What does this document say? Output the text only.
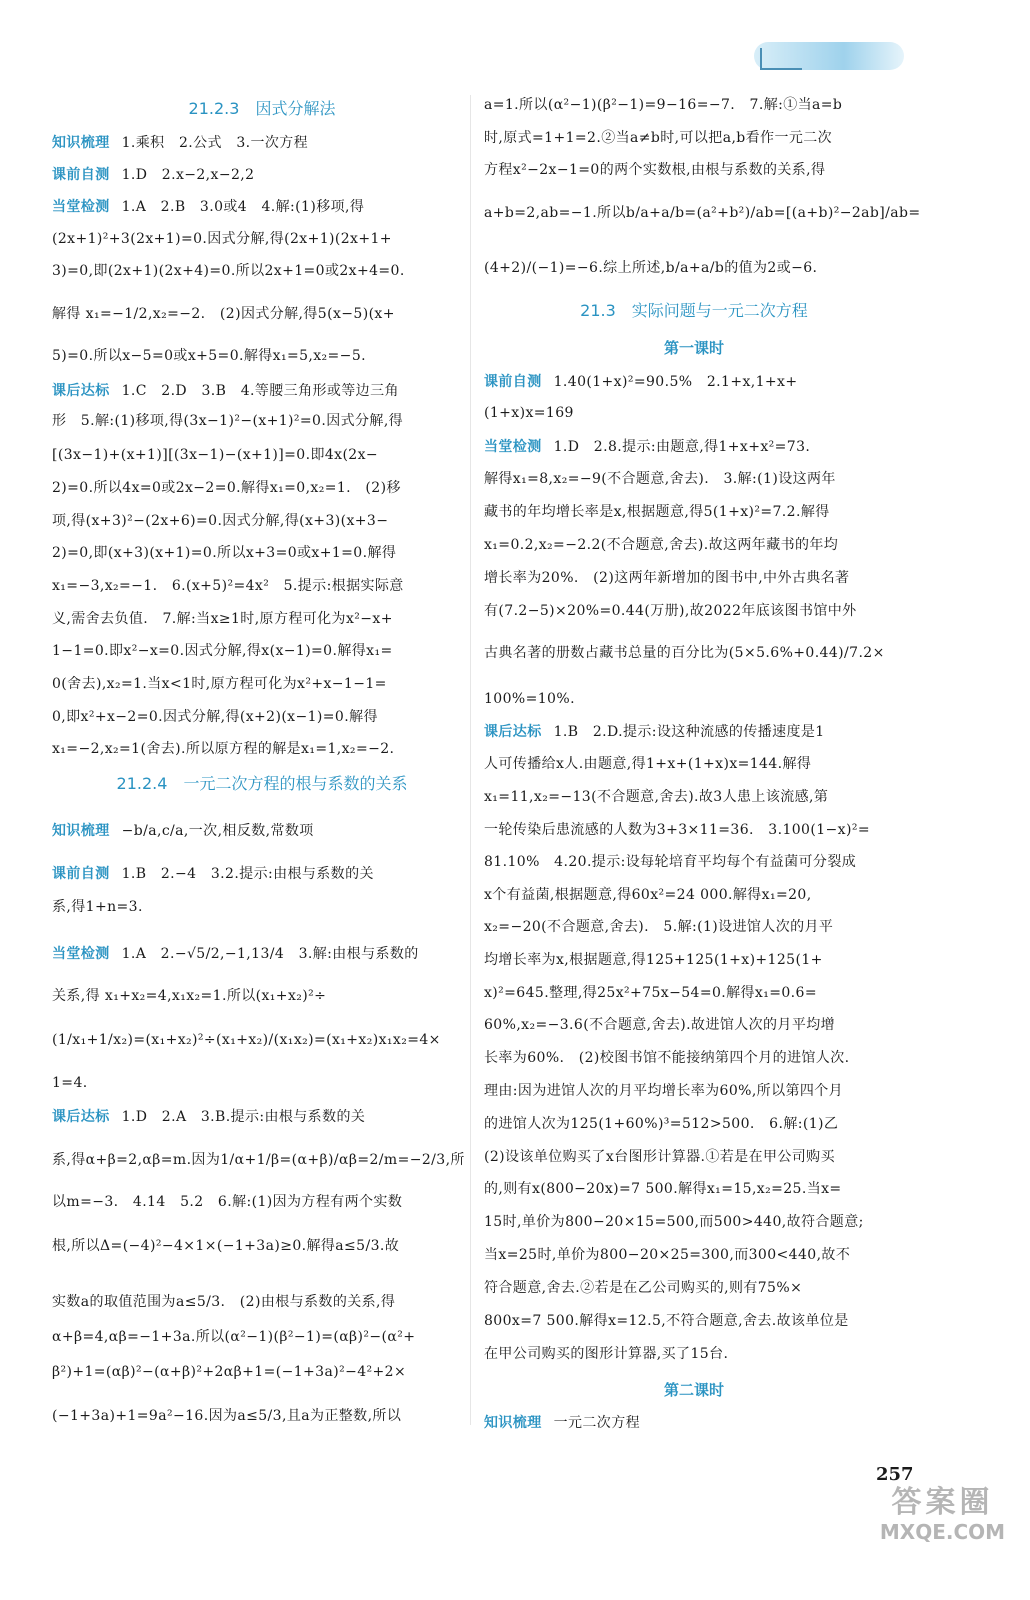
21.2.3　因式分解法
知识梳理 1.乘积　2.公式　3.一次方程
课前自测 1.D　2.x−2,x−2,2
当堂检测 1.A　2.B　3.0或4　4.解:(1)移项,得
(2x+1)²+3(2x+1)=0.因式分解,得(2x+1)(2x+1+
3)=0,即(2x+1)(2x+4)=0.所以2x+1=0或2x+4=0.
解得 x₁=−1/2,x₂=−2.　(2)因式分解,得5(x−5)(x+
5)=0.所以x−5=0或x+5=0.解得x₁=5,x₂=−5.
课后达标 1.C　2.D　3.B　4.等腰三角形或等边三角
形　5.解:(1)移项,得(3x−1)²−(x+1)²=0.因式分解,得
[(3x−1)+(x+1)][(3x−1)−(x+1)]=0.即4x(2x−
2)=0.所以4x=0或2x−2=0.解得x₁=0,x₂=1.　(2)移
项,得(x+3)²−(2x+6)=0.因式分解,得(x+3)(x+3−
2)=0,即(x+3)(x+1)=0.所以x+3=0或x+1=0.解得
x₁=−3,x₂=−1.　6.(x+5)²=4x²　5.提示:根据实际意
义,需舍去负值.　7.解:当x≥1时,原方程可化为x²−x+
1−1=0.即x²−x=0.因式分解,得x(x−1)=0.解得x₁=
0(舍去),x₂=1.当x<1时,原方程可化为x²+x−1−1=
0,即x²+x−2=0.因式分解,得(x+2)(x−1)=0.解得
x₁=−2,x₂=1(舍去).所以原方程的解是x₁=1,x₂=−2.
21.2.4　一元二次方程的根与系数的关系
知识梳理 −b/a,c/a,一次,相反数,常数项
课前自测 1.B　2.−4　3.2.提示:由根与系数的关
系,得1+n=3.
当堂检测 1.A　2.−√5/2,−1,13/4　3.解:由根与系数的
关系,得 x₁+x₂=4,x₁x₂=1.所以(x₁+x₂)²÷
(1/x₁+1/x₂)=(x₁+x₂)²÷(x₁+x₂)/(x₁x₂)=(x₁+x₂)x₁x₂=4×
1=4.
课后达标 1.D　2.A　3.B.提示:由根与系数的关
系,得α+β=2,αβ=m.因为1/α+1/β=(α+β)/αβ=2/m=−2/3,所
以m=−3.　4.14　5.2　6.解:(1)因为方程有两个实数
根,所以Δ=(−4)²−4×1×(−1+3a)≥0.解得a≤5/3.故
实数a的取值范围为a≤5/3.　(2)由根与系数的关系,得
α+β=4,αβ=−1+3a.所以(α²−1)(β²−1)=(αβ)²−(α²+
β²)+1=(αβ)²−(α+β)²+2αβ+1=(−1+3a)²−4²+2×
(−1+3a)+1=9a²−16.因为a≤5/3,且a为正整数,所以
a=1.所以(α²−1)(β²−1)=9−16=−7.　7.解:①当a=b
时,原式=1+1=2.②当a≠b时,可以把a,b看作一元二次
方程x²−2x−1=0的两个实数根,由根与系数的关系,得
a+b=2,ab=−1.所以b/a+a/b=(a²+b²)/ab=[(a+b)²−2ab]/ab=
(4+2)/(−1)=−6.综上所述,b/a+a/b的值为2或−6.
21.3　实际问题与一元二次方程
第一课时
课前自测 1.40(1+x)²=90.5%　2.1+x,1+x+
(1+x)x=169
当堂检测 1.D　2.8.提示:由题意,得1+x+x²=73.
解得x₁=8,x₂=−9(不合题意,舍去).　3.解:(1)设这两年
藏书的年均增长率是x,根据题意,得5(1+x)²=7.2.解得
x₁=0.2,x₂=−2.2(不合题意,舍去).故这两年藏书的年均
增长率为20%.　(2)这两年新增加的图书中,中外古典名著
有(7.2−5)×20%=0.44(万册),故2022年底该图书馆中外
古典名著的册数占藏书总量的百分比为(5×5.6%+0.44)/7.2×
100%=10%.
课后达标 1.B　2.D.提示:设这种流感的传播速度是1
人可传播给x人.由题意,得1+x+(1+x)x=144.解得
x₁=11,x₂=−13(不合题意,舍去).故3人患上该流感,第
一轮传染后患流感的人数为3+3×11=36.　3.100(1−x)²=
81.10%　4.20.提示:设每轮培育平均每个有益菌可分裂成
x个有益菌,根据题意,得60x²=24 000.解得x₁=20,
x₂=−20(不合题意,舍去).　5.解:(1)设进馆人次的月平
均增长率为x,根据题意,得125+125(1+x)+125(1+
x)²=645.整理,得25x²+75x−54=0.解得x₁=0.6=
60%,x₂=−3.6(不合题意,舍去).故进馆人次的月平均增
长率为60%.　(2)校图书馆不能接纳第四个月的进馆人次.
理由:因为进馆人次的月平均增长率为60%,所以第四个月
的进馆人次为125(1+60%)³=512>500.　6.解:(1)乙
(2)设该单位购买了x台图形计算器.①若是在甲公司购买
的,则有x(800−20x)=7 500.解得x₁=15,x₂=25.当x=
15时,单价为800−20×15=500,而500>440,故符合题意;
当x=25时,单价为800−20×25=300,而300<440,故不
符合题意,舍去.②若是在乙公司购买的,则有75%×
800x=7 500.解得x=12.5,不符合题意,舍去.故该单位是
在甲公司购买的图形计算器,买了15台.
第二课时
知识梳理 一元二次方程
257
答案圈
MXQE.COM
